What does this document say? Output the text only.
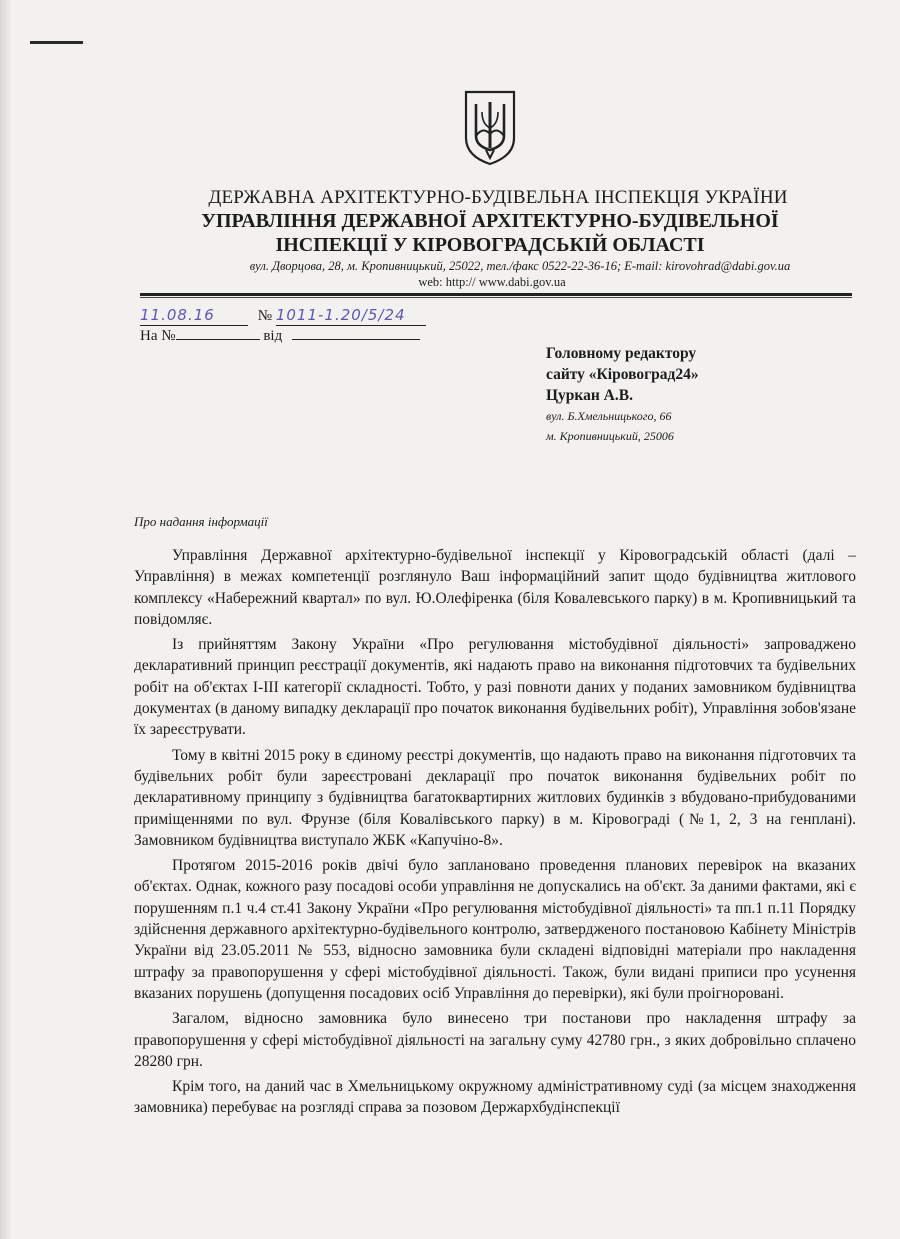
ДЕРЖАВНА АРХІТЕКТУРНО-БУДІВЕЛЬНА ІНСПЕКЦІЯ УКРАЇНИ
УПРАВЛІННЯ ДЕРЖАВНОЇ АРХІТЕКТУРНО-БУДІВЕЛЬНОЇ
ІНСПЕКЦІЇ У КІРОВОГРАДСЬКІЙ ОБЛАСТІ
вул. Дворцова, 28, м. Кропивницький, 25022, тел./факс 0522-22-36-16; E-mail: kirovohrad@dabi.gov.ua
web: http:// www.dabi.gov.ua
11.08.16	№ 1011-1.20/5/24
На №	від
Головному редактору
сайту «Кіровоград24»
Цуркан А.В.
вул. Б.Хмельницького, 66
м. Кропивницький, 25006
Про надання інформації

Управління Державної архітектурно-будівельної інспекції у Кіровоградській області (далі – Управління) в межах компетенції розглянуло Ваш інформаційний запит щодо будівництва житлового комплексу «Набережний квартал» по вул. Ю.Олефіренка (біля Ковалевського парку) в м. Кропивницький та повідомляє.

Із прийняттям Закону України «Про регулювання містобудівної діяльності» запроваджено декларативний принцип реєстрації документів, які надають право на виконання підготовчих та будівельних робіт на об'єктах І-ІІІ категорії складності. Тобто, у разі повноти даних у поданих замовником будівництва документах (в даному випадку декларації про початок виконання будівельних робіт), Управління зобов'язане їх зареєструвати.

Тому в квітні 2015 року в єдиному реєстрі документів, що надають право на виконання підготовчих та будівельних робіт були зареєстровані декларації про початок виконання будівельних робіт по декларативному принципу з будівництва багатоквартирних житлових будинків з вбудовано-прибудованими приміщеннями по вул. Фрунзе (біля Ковалівського парку) в м. Кіровограді (№1, 2, 3 на генплані). Замовником будівництва виступало ЖБК «Капучіно-8».

Протягом 2015-2016 років двічі було заплановано проведення планових перевірок на вказаних об'єктах. Однак, кожного разу посадові особи управління не допускались на об'єкт. За даними фактами, які є порушенням п.1 ч.4 ст.41 Закону України «Про регулювання містобудівної діяльності» та пп.1 п.11 Порядку здійснення державного архітектурно-будівельного контролю, затвердженого постановою Кабінету Міністрів України від 23.05.2011 № 553, відносно замовника були складені відповідні матеріали про накладення штрафу за правопорушення у сфері містобудівної діяльності. Також, були видані приписи про усунення вказаних порушень (допущення посадових осіб Управління до перевірки), які були проігноровані.

Загалом, відносно замовника було винесено три постанови про накладення штрафу за правопорушення у сфері містобудівної діяльності на загальну суму 42780 грн., з яких добровільно сплачено 28280 грн.

Крім того, на даний час в Хмельницькому окружному адміністративному суді (за місцем знаходження замовника) перебуває на розгляді справа за позовом Держархбудінспекції
